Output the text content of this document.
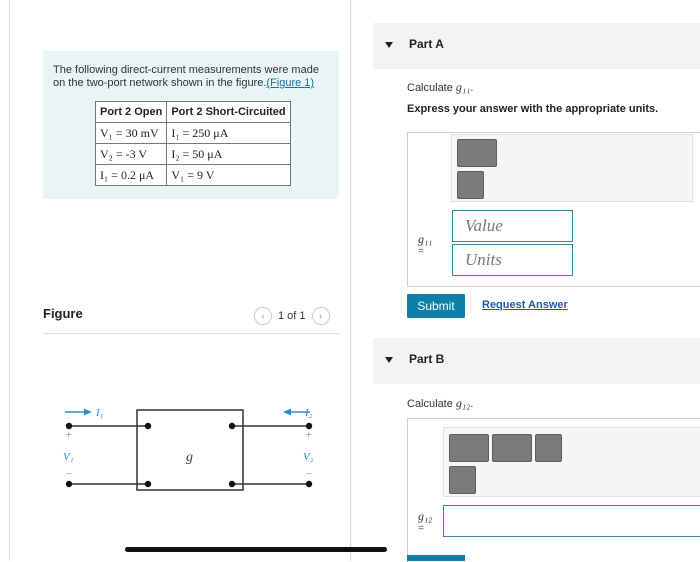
The following direct-current measurements were made on the two-port network shown in the figure.(Figure 1)
Port 2 Open	Port 2 Short-Circuited
V₁ = 30 mV	I₁ = 250 μA
V₂ = -3 V	I₂ = 50 μA
I₁ = 0.2 μA	V₁ = 9 V
Figure	‹	1 of 1	›
I₁	I₂
V₁	V₂
+
−
+
−
g
Part A
Calculate g₁₁.
Express your answer with the appropriate units.
g₁₁
=
Value
Units
Submit	Request Answer
Part B
Calculate g₁₂.
g₁₂
=
